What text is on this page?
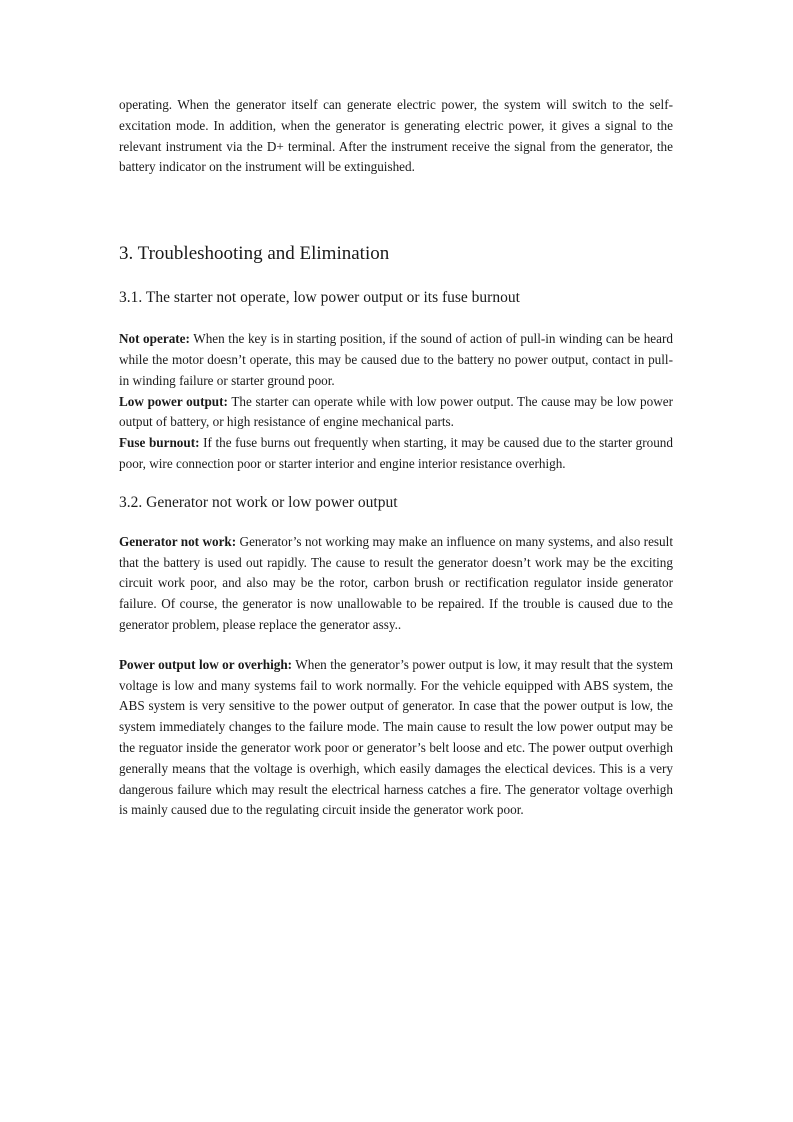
operating. When the generator itself can generate electric power, the system will switch to the self-excitation mode. In addition, when the generator is generating electric power, it gives a signal to the relevant instrument via the D+ terminal. After the instrument receive the signal from the generator, the battery indicator on the instrument will be extinguished.

3. Troubleshooting and Elimination
3.1. The starter not operate, low power output or its fuse burnout

Not operate: When the key is in starting position, if the sound of action of pull-in winding can be heard while the motor doesn’t operate, this may be caused due to the battery no power output, contact in pull-in winding failure or starter ground poor.

Low power output: The starter can operate while with low power output. The cause may be low power output of battery, or high resistance of engine mechanical parts.

Fuse burnout: If the fuse burns out frequently when starting, it may be caused due to the starter ground poor, wire connection poor or starter interior and engine interior resistance overhigh.

3.2. Generator not work or low power output

Generator not work: Generator’s not working may make an influence on many systems, and also result that the battery is used out rapidly. The cause to result the generator doesn’t work may be the exciting circuit work poor, and also may be the rotor, carbon brush or rectification regulator inside generator failure. Of course, the generator is now unallowable to be repaired. If the trouble is caused due to the generator problem, please replace the generator assy..

Power output low or overhigh: When the generator’s power output is low, it may result that the system voltage is low and many systems fail to work normally. For the vehicle equipped with ABS system, the ABS system is very sensitive to the power output of generator. In case that the power output is low, the system immediately changes to the failure mode. The main cause to result the low power output may be the reguator inside the generator work poor or generator’s belt loose and etc. The power output overhigh generally means that the voltage is overhigh, which easily damages the electical devices. This is a very dangerous failure which may result the electrical harness catches a fire. The generator voltage overhigh is mainly caused due to the regulating circuit inside the generator work poor.
